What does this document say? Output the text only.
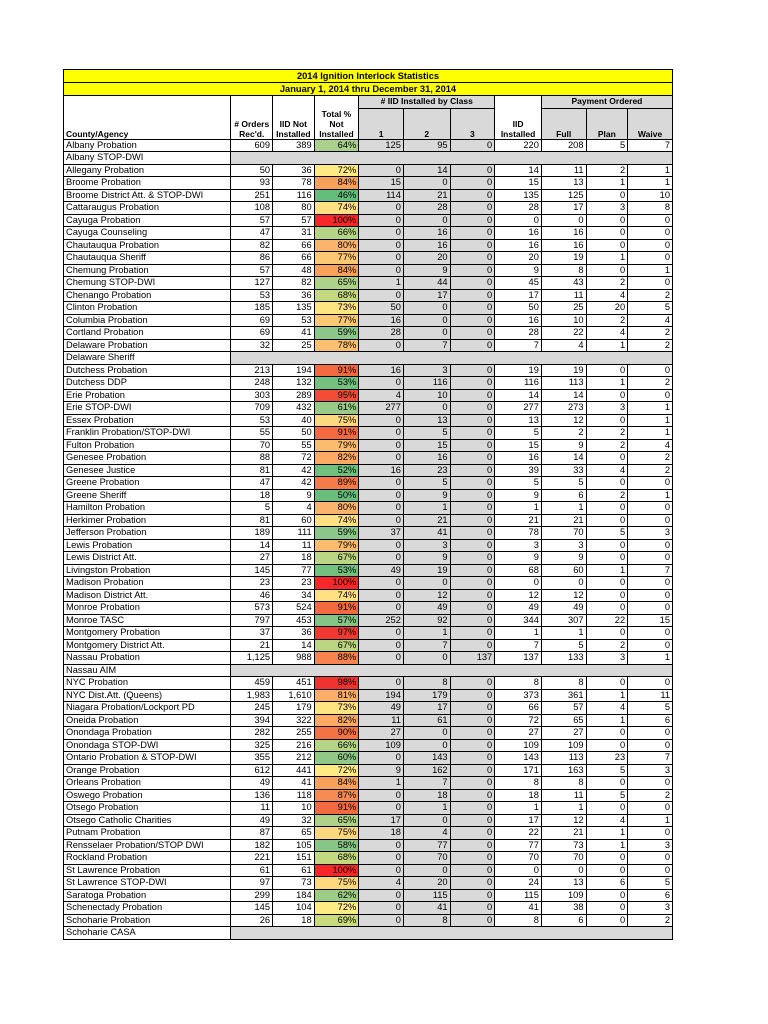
2014 Ignition Interlock Statistics										
January 1, 2014 thru December 31, 2014										
County/Agency	# Orders Rec'd.	IID Not Installed	Total % Not Installed	# IID Installed by Class			IID Installed	Payment Ordered		
				1	2	3		Full	Plan	Waive
Albany Probation	609	389	64%	125	95	0	220	208	5	7
Albany STOP-DWI										
Allegany Probation	50	36	72%	0	14	0	14	11	2	1
Broome Probation	93	78	84%	15	0	0	15	13	1	1
Broome District Att. & STOP-DWI	251	116	46%	114	21	0	135	125	0	10
Cattaraugus Probation	108	80	74%	0	28	0	28	17	3	8
Cayuga Probation	57	57	100%	0	0	0	0	0	0	0
Cayuga Counseling	47	31	66%	0	16	0	16	16	0	0
Chautauqua Probation	82	66	80%	0	16	0	16	16	0	0
Chautauqua Sheriff	86	66	77%	0	20	0	20	19	1	0
Chemung Probation	57	48	84%	0	9	0	9	8	0	1
Chemung STOP-DWI	127	82	65%	1	44	0	45	43	2	0
Chenango Probation	53	36	68%	0	17	0	17	11	4	2
Clinton Probation	185	135	73%	50	0	0	50	25	20	5
Columbia Probation	69	53	77%	16	0	0	16	10	2	4
Cortland Probation	69	41	59%	28	0	0	28	22	4	2
Delaware Probation	32	25	78%	0	7	0	7	4	1	2
Delaware Sheriff										
Dutchess Probation	213	194	91%	16	3	0	19	19	0	0
Dutchess DDP	248	132	53%	0	116	0	116	113	1	2
Erie Probation	303	289	95%	4	10	0	14	14	0	0
Erie STOP-DWI	709	432	61%	277	0	0	277	273	3	1
Essex Probation	53	40	75%	0	13	0	13	12	0	1
Franklin Probation/STOP-DWI	55	50	91%	0	5	0	5	2	2	1
Fulton Probation	70	55	79%	0	15	0	15	9	2	4
Genesee Probation	88	72	82%	0	16	0	16	14	0	2
Genesee Justice	81	42	52%	16	23	0	39	33	4	2
Greene Probation	47	42	89%	0	5	0	5	5	0	0
Greene Sheriff	18	9	50%	0	9	0	9	6	2	1
Hamilton Probation	5	4	80%	0	1	0	1	1	0	0
Herkimer Probation	81	60	74%	0	21	0	21	21	0	0
Jefferson Probation	189	111	59%	37	41	0	78	70	5	3
Lewis Probation	14	11	79%	0	3	0	3	3	0	0
Lewis District Att.	27	18	67%	0	9	0	9	9	0	0
Livingston Probation	145	77	53%	49	19	0	68	60	1	7
Madison Probation	23	23	100%	0	0	0	0	0	0	0
Madison District Att.	46	34	74%	0	12	0	12	12	0	0
Monroe Probation	573	524	91%	0	49	0	49	49	0	0
Monroe TASC	797	453	57%	252	92	0	344	307	22	15
Montgomery Probation	37	36	97%	0	1	0	1	1	0	0
Montgomery District Att.	21	14	67%	0	7	0	7	5	2	0
Nassau Probation	1,125	988	88%	0	0	137	137	133	3	1
Nassau AIM										
NYC Probation	459	451	98%	0	8	0	8	8	0	0
NYC Dist.Att. (Queens)	1,983	1,610	81%	194	179	0	373	361	1	11
Niagara Probation/Lockport PD	245	179	73%	49	17	0	66	57	4	5
Oneida Probation	394	322	82%	11	61	0	72	65	1	6
Onondaga Probation	282	255	90%	27	0	0	27	27	0	0
Onondaga STOP-DWI	325	216	66%	109	0	0	109	109	0	0
Ontario Probation & STOP-DWI	355	212	60%	0	143	0	143	113	23	7
Orange Probation	612	441	72%	9	162	0	171	163	5	3
Orleans Probation	49	41	84%	1	7	0	8	8	0	0
Oswego Probation	136	118	87%	0	18	0	18	11	5	2
Otsego Probation	11	10	91%	0	1	0	1	1	0	0
Otsego Catholic Charities	49	32	65%	17	0	0	17	12	4	1
Putnam Probation	87	65	75%	18	4	0	22	21	1	0
Rensselaer Probation/STOP DWI	182	105	58%	0	77	0	77	73	1	3
Rockland Probation	221	151	68%	0	70	0	70	70	0	0
St Lawrence Probation	61	61	100%	0	0	0	0	0	0	0
St Lawrence STOP-DWI	97	73	75%	4	20	0	24	13	6	5
Saratoga Probation	299	184	62%	0	115	0	115	109	0	6
Schenectady Probation	145	104	72%	0	41	0	41	38	0	3
Schoharie Probation	26	18	69%	0	8	0	8	6	0	2
Schoharie CASA										
